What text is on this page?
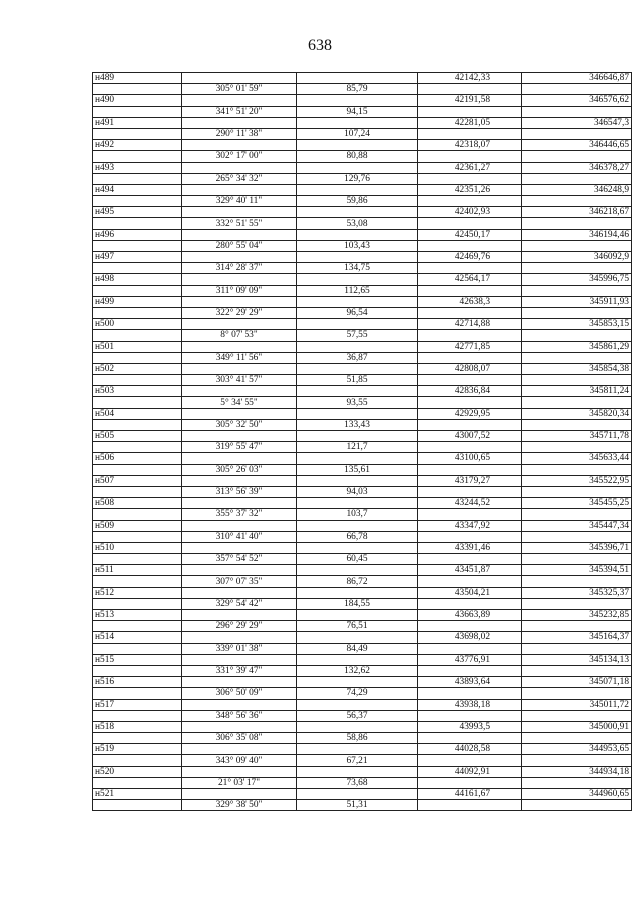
638
н489			42142,33	346646,87
	305° 01' 59"	85,79		
н490			42191,58	346576,62
	341° 51' 20"	94,15		
н491			42281,05	346547,3
	290° 11' 38"	107,24		
н492			42318,07	346446,65
	302° 17' 00"	80,88		
н493			42361,27	346378,27
	265° 34' 32"	129,76		
н494			42351,26	346248,9
	329° 40' 11"	59,86		
н495			42402,93	346218,67
	332° 51' 55"	53,08		
н496			42450,17	346194,46
	280° 55' 04"	103,43		
н497			42469,76	346092,9
	314° 28' 37"	134,75		
н498			42564,17	345996,75
	311° 09' 09"	112,65		
н499			42638,3	345911,93
	322° 29' 29"	96,54		
н500			42714,88	345853,15
	8° 07' 53"	57,55		
н501			42771,85	345861,29
	349° 11' 56"	36,87		
н502			42808,07	345854,38
	303° 41' 57"	51,85		
н503			42836,84	345811,24
	5° 34' 55"	93,55		
н504			42929,95	345820,34
	305° 32' 50"	133,43		
н505			43007,52	345711,78
	319° 55' 47"	121,7		
н506			43100,65	345633,44
	305° 26' 03"	135,61		
н507			43179,27	345522,95
	313° 56' 39"	94,03		
н508			43244,52	345455,25
	355° 37' 32"	103,7		
н509			43347,92	345447,34
	310° 41' 40"	66,78		
н510			43391,46	345396,71
	357° 54' 52"	60,45		
н511			43451,87	345394,51
	307° 07' 35"	86,72		
н512			43504,21	345325,37
	329° 54' 42"	184,55		
н513			43663,89	345232,85
	296° 29' 29"	76,51		
н514			43698,02	345164,37
	339° 01' 38"	84,49		
н515			43776,91	345134,13
	331° 39' 47"	132,62		
н516			43893,64	345071,18
	306° 50' 09"	74,29		
н517			43938,18	345011,72
	348° 56' 36"	56,37		
н518			43993,5	345000,91
	306° 35' 08"	58,86		
н519			44028,58	344953,65
	343° 09' 40"	67,21		
н520			44092,91	344934,18
	21° 03' 17"	73,68		
н521			44161,67	344960,65
	329° 38' 50"	51,31		
